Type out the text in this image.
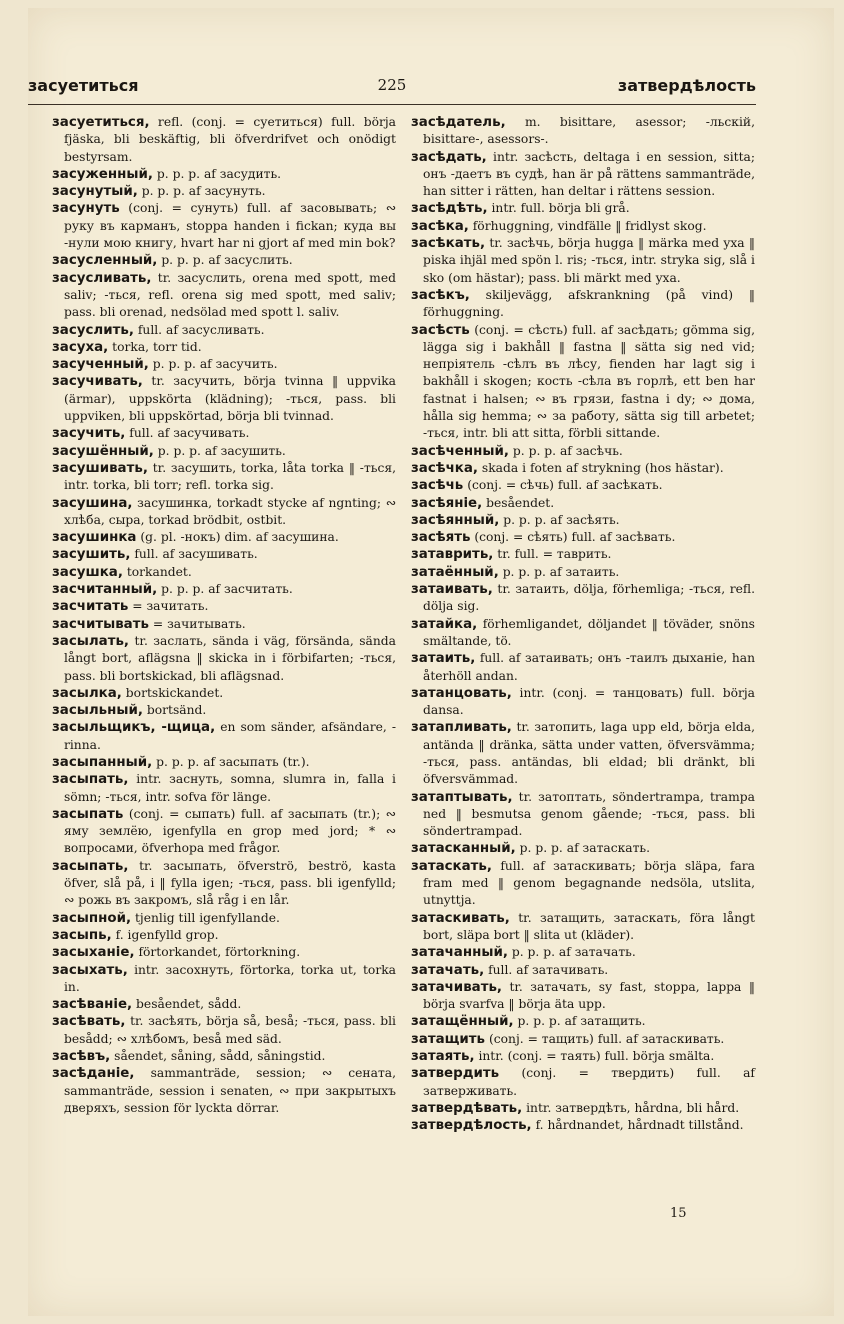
засуетиться	225	затвердѣлость

засуетиться, refl. (conj. = суетиться) full. börja fjäska, bli beskäftig, bli öfverdrifvet och onödigt bestyrsam.

засуженный, p. p. p. af засудить.

засунутый, p. p. p. af засунуть.

засунуть (conj. = сунуть) full. af засовывать; ∾ руку въ карманъ, stoppa handen i fickan; куда вы -нули мою книгу, hvart har ni gjort af med min bok?

засусленный, p. p. p. af засуслить.

засусливать, tr. засуслить, orena med spott, med saliv; -ться, refl. orena sig med spott, med saliv; pass. bli orenad, nedsölad med spott l. saliv.

засуслить, full. af засусливать.

засуха, torka, torr tid.

засученный, p. p. p. af засучить.

засучивать, tr. засучить, börja tvinna ‖ uppvika (ärmar), uppskörta (klädning); -ться, pass. bli uppviken, bli uppskörtad, börja bli tvinnad.

засучить, full. af засучивать.

засушённый, p. p. p. af засушить.

засушивать, tr. засушить, torka, låta torka ‖ -ться, intr. torka, bli torr; refl. torka sig.

засушина, засушинка, torkadt stycke af ngnting; ∾ хлѣба, сыра, torkad brödbit, ostbit.

засушинка (g. pl. -нокъ) dim. af засушина.

засушить, full. af засушивать.

засушка, torkandet.

засчитанный, p. p. p. af засчитать.

засчитать = зачитать.

засчитывать = зачитывать.

засылать, tr. заслать, sända i väg, försända, sända långt bort, aflägsna ‖ skicka in i förbifarten; -ться, pass. bli bortskickad, bli aflägsnad.

засылка, bortskickandet.

засыльный, bortsänd.

засыльщикъ, -щица, en som sänder, afsändare, -rinna.

засыпанный, p. p. p. af засыпать (tr.).

засыпать, intr. заснуть, somna, slumra in, falla i sömn; -ться, intr. sofva för länge.

засыпать (conj. = сыпать) full. af засыпать (tr.); ∾ яму землёю, igenfylla en grop med jord; * ∾ вопросами, öfverhopa med frågor.

засыпать, tr. засыпать, öfverströ, beströ, kasta öfver, slå på, i ‖ fylla igen; -ться, pass. bli igenfylld; ∾ рожь въ закромъ, slå råg i en lår.

засыпной, tjenlig till igenfyllande.

засыпь, f. igenfylld grop.

засыханіе, förtorkandet, förtorkning.

засыхать, intr. засохнуть, förtorka, torka ut, torka in.

засѣваніе, besåendet, sådd.

засѣвать, tr. засѣять, börja så, beså; -ться, pass. bli besådd; ∾ хлѣбомъ, beså med säd.

засѣвъ, såendet, såning, sådd, såningstid.

засѣданіе, sammanträde, session; ∾ сената, sammanträde, session i senaten, ∾ при закрытыхъ дверяхъ, session för lyckta dörrar.

засѣдатель, m. bisittare, asessor; -льскій, bisittare-, asessors-.

засѣдать, intr. засѣсть, deltaga i en session, sitta; онъ -даетъ въ судѣ, han är på rättens sammanträde, han sitter i rätten, han deltar i rättens session.

засѣдѣть, intr. full. börja bli grå.

засѣка, förhuggning, vindfälle ‖ fridlyst skog.

засѣкать, tr. засѣчь, börja hugga ‖ märka med yxa ‖ piska ihjäl med spön l. ris; -ться, intr. stryka sig, slå i sko (om hästar); pass. bli märkt med yxa.

засѣкъ, skiljevägg, afskrankning (på vind) ‖ förhuggning.

засѣсть (conj. = сѣсть) full. af засѣдать; gömma sig, lägga sig i bakhåll ‖ fastna ‖ sätta sig ned vid; непріятель -сѣлъ въ лѣсу, fienden har lagt sig i bakhåll i skogen; кость -сѣла въ горлѣ, ett ben har fastnat i halsen; ∾ въ грязи, fastna i dy; ∾ дома, hålla sig hemma; ∾ за работу, sätta sig till arbetet; -ться, intr. bli att sitta, förbli sittande.

засѣченный, p. p. p. af засѣчь.

засѣчка, skada i foten af strykning (hos hästar).

засѣчь (conj. = сѣчь) full. af засѣкать.

засѣяніе, besåendet.

засѣянный, p. p. p. af засѣять.

засѣять (conj. = сѣять) full. af засѣвать.

затаврить, tr. full. = таврить.

затаённый, p. p. p. af затаить.

затаивать, tr. затаить, dölja, förhemliga; -ться, refl. dölja sig.

затайка, förhemligandet, döljandet ‖ töväder, snöns smältande, tö.

затаить, full. af затаивать; онъ -таилъ дыханіе, han återhöll andan.

затанцовать, intr. (conj. = танцовать) full. börja dansa.

затапливать, tr. затопить, laga upp eld, börja elda, antända ‖ dränka, sätta under vatten, öfversvämma; -ться, pass. antändas, bli eldad; bli dränkt, bli öfversvämmad.

затаптывать, tr. затоптать, söndertrampa, trampa ned ‖ besmutsa genom gående; -ться, pass. bli söndertrampad.

затасканный, p. p. p. af затаскать.

затаскать, full. af затаскивать; börja släpa, fara fram med ‖ genom begagnande nedsöla, utslita, utnyttja.

затаскивать, tr. затащить, затаскать, föra långt bort, släpa bort ‖ slita ut (kläder).

затачанный, p. p. p. af затачать.

затачать, full. af затачивать.

затачивать, tr. затачать, sy fast, stoppa, lappa ‖ börja svarfva ‖ börja äta upp.

затащённый, p. p. p. af затащить.

затащить (conj. = тащить) full. af затаскивать.

затаять, intr. (conj. = таять) full. börja smälta.

затвердить (conj. = твердить) full. af затверживать.

затвердѣвать, intr. затвердѣть, hårdna, bli hård.

затвердѣлость, f. hårdnandet, hårdnadt tillstånd.

15
